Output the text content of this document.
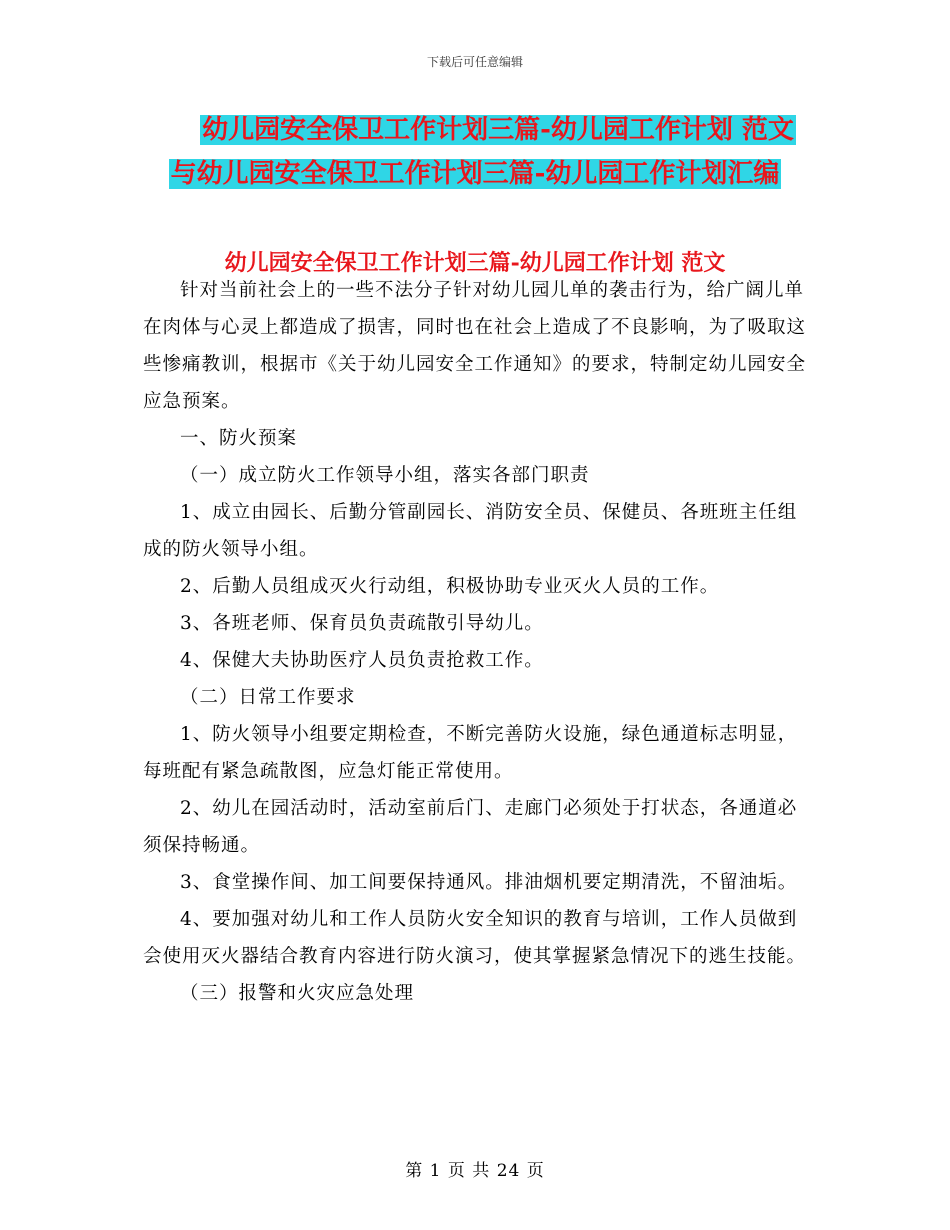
下载后可任意编辑
幼儿园安全保卫工作计划三篇-幼儿园工作计划 范文
与幼儿园安全保卫工作计划三篇-幼儿园工作计划汇编
幼儿园安全保卫工作计划三篇-幼儿园工作计划 范文

针对当前社会上的一些不法分子针对幼儿园儿单的袭击行为，给广阔儿单在肉体与心灵上都造成了损害，同时也在社会上造成了不良影响，为了吸取这些惨痛教训，根据市《关于幼儿园安全工作通知》的要求，特制定幼儿园安全应急预案。

一、防火预案

（一）成立防火工作领导小组，落实各部门职责

1、成立由园长、后勤分管副园长、消防安全员、保健员、各班班主任组成的防火领导小组。

2、后勤人员组成灭火行动组，积极协助专业灭火人员的工作。

3、各班老师、保育员负责疏散引导幼儿。

4、保健大夫协助医疗人员负责抢救工作。

（二）日常工作要求

1、防火领导小组要定期检查，不断完善防火设施，绿色通道标志明显，每班配有紧急疏散图，应急灯能正常使用。

2、幼儿在园活动时，活动室前后门、走廊门必须处于打状态，各通道必须保持畅通。

3、食堂操作间、加工间要保持通风。排油烟机要定期清洗，不留油垢。

4、要加强对幼儿和工作人员防火安全知识的教育与培训，工作人员做到会使用灭火器结合教育内容进行防火演习，使其掌握紧急情况下的逃生技能。

（三）报警和火灾应急处理

第 1 页 共 24 页
